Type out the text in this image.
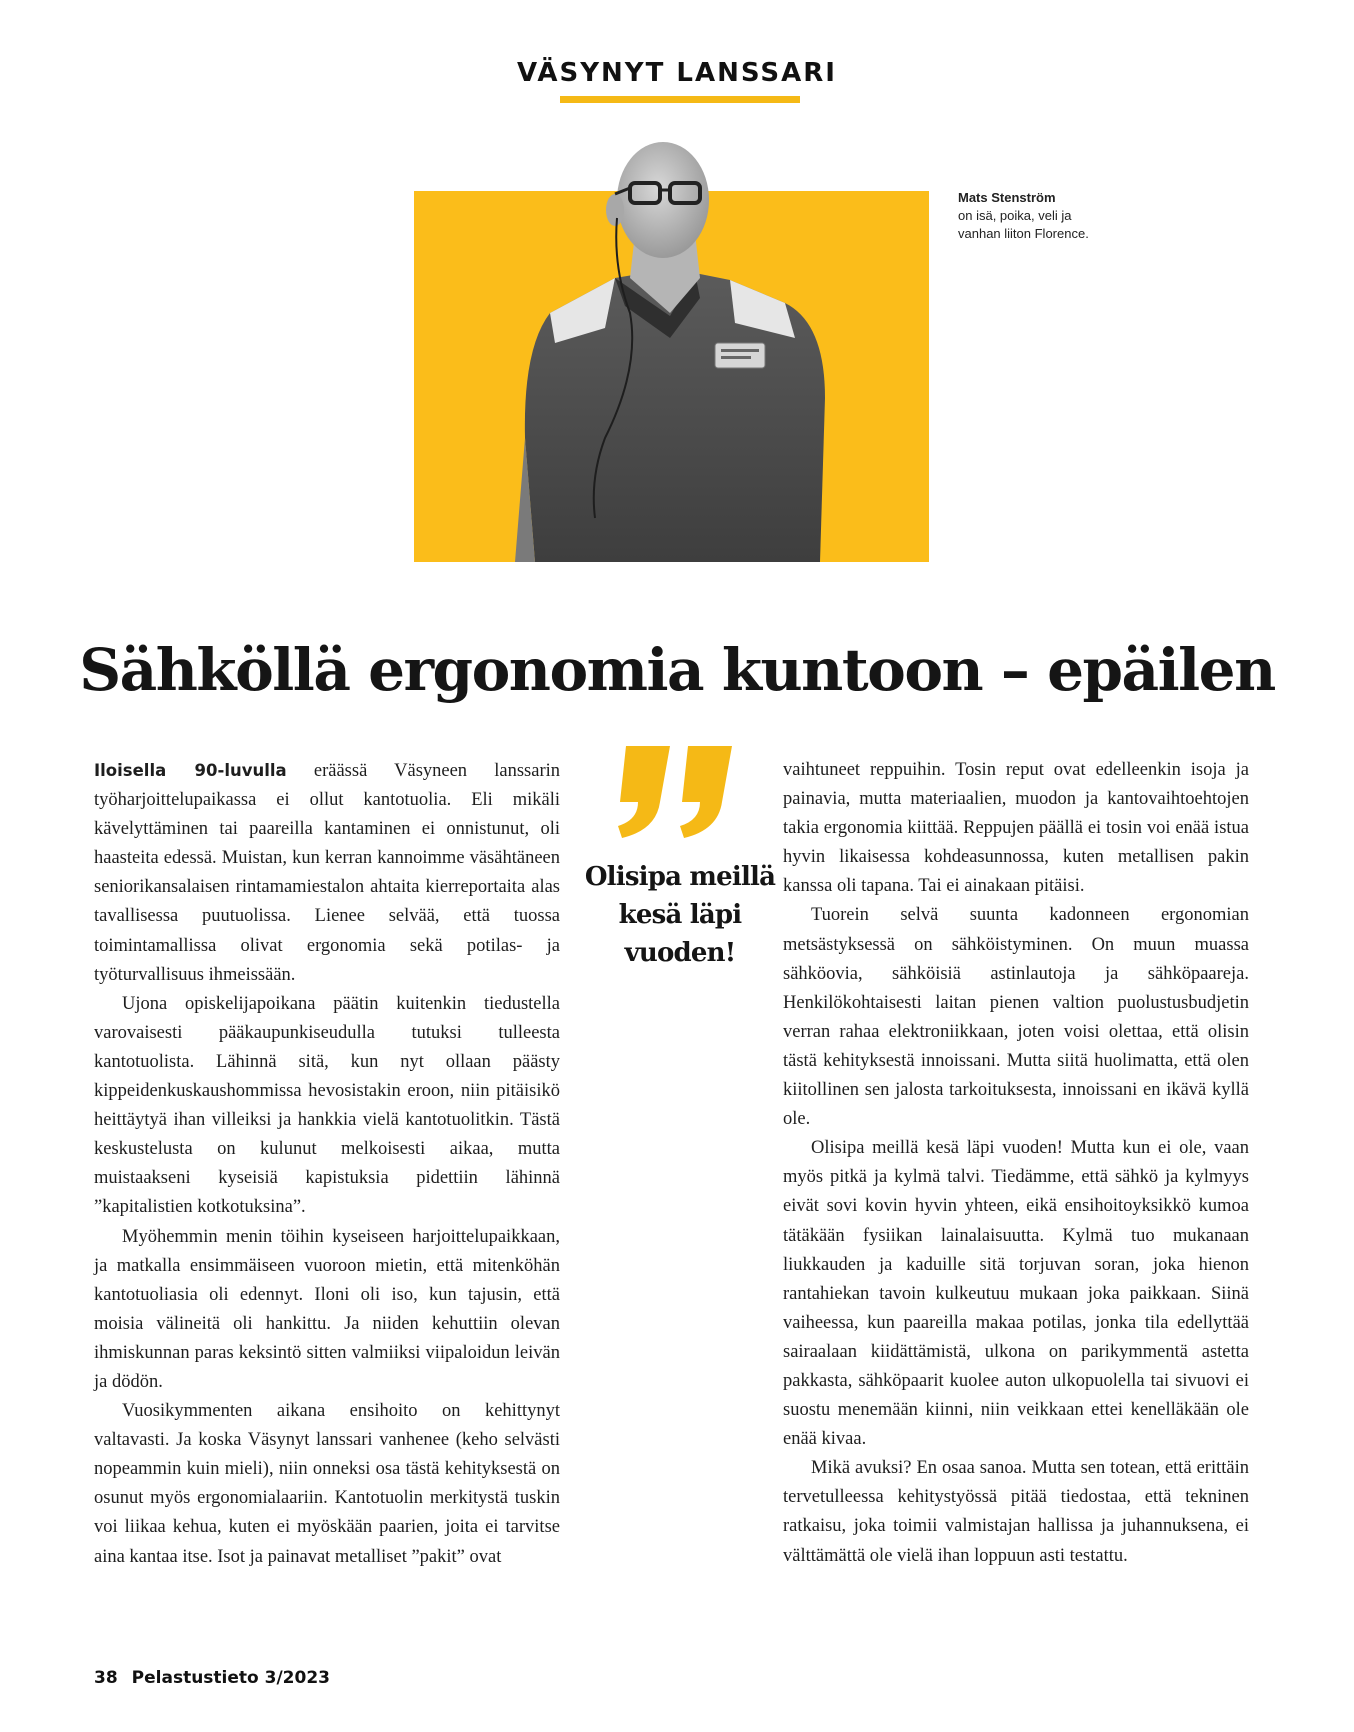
VÄSYNYT LANSSARI
Mats Stenström
on isä, poika, veli ja
vanhan liiton Florence.
Sähköllä ergonomia kuntoon – epäilen

Iloisella 90-luvulla eräässä Väsyneen lanssarin työharjoittelupaikassa ei ollut kantotuolia. Eli mikäli kävelyttäminen tai paareilla kantaminen ei onnistunut, oli haasteita edessä. Muistan, kun kerran kannoimme väsähtäneen seniorikansalaisen rintamamiestalon ahtaita kierreportaita alas tavallisessa puutuolissa. Lienee selvää, että tuossa toimintamallissa olivat ergonomia sekä potilas- ja työturvallisuus ihmeissään.

Ujona opiskelijapoikana päätin kuitenkin tiedustella varovaisesti pääkaupunkiseudulla tutuksi tulleesta kantotuolista. Lähinnä sitä, kun nyt ollaan päästy kippeidenkuskaushommissa hevosistakin eroon, niin pitäisikö heittäytyä ihan villeiksi ja hankkia vielä kantotuolitkin. Tästä keskustelusta on kulunut melkoisesti aikaa, mutta muistaakseni kyseisiä kapistuksia pidettiin lähinnä ”kapitalistien kotkotuksina”.

Myöhemmin menin töihin kyseiseen harjoittelupaikkaan, ja matkalla ensimmäiseen vuoroon mietin, että mitenköhän kantotuoliasia oli edennyt. Iloni oli iso, kun tajusin, että moisia välineitä oli hankittu. Ja niiden kehuttiin olevan ihmiskunnan paras keksintö sitten valmiiksi viipaloidun leivän ja dödön.

Vuosikymmenten aikana ensihoito on kehittynyt valtavasti. Ja koska Väsynyt lanssari vanhenee (keho selvästi nopeammin kuin mieli), niin onneksi osa tästä kehityksestä on osunut myös ergonomialaariin. Kantotuolin merkitystä tuskin voi liikaa kehua, kuten ei myöskään paarien, joita ei tarvitse aina kantaa itse. Isot ja painavat metalliset ”pakit” ovat

Olisipa meillä kesä läpi vuoden!

vaihtuneet reppuihin. Tosin reput ovat edelleenkin isoja ja painavia, mutta materiaalien, muodon ja kantovaihtoehtojen takia ergonomia kiittää. Reppujen päällä ei tosin voi enää istua hyvin likaisessa kohdeasunnossa, kuten metallisen pakin kanssa oli tapana. Tai ei ainakaan pitäisi.

Tuorein selvä suunta kadonneen ergonomian metsästyksessä on sähköistyminen. On muun muassa sähköovia, sähköisiä astinlautoja ja sähköpaareja. Henkilökohtaisesti laitan pienen valtion puolustusbudjetin verran rahaa elektroniikkaan, joten voisi olettaa, että olisin tästä kehityksestä innoissani. Mutta siitä huolimatta, että olen kiitollinen sen jalosta tarkoituksesta, innoissani en ikävä kyllä ole.

Olisipa meillä kesä läpi vuoden! Mutta kun ei ole, vaan myös pitkä ja kylmä talvi. Tiedämme, että sähkö ja kylmyys eivät sovi kovin hyvin yhteen, eikä ensihoitoyksikkö kumoa tätäkään fysiikan lainalaisuutta. Kylmä tuo mukanaan liukkauden ja kaduille sitä torjuvan soran, joka hienon rantahiekan tavoin kulkeutuu mukaan joka paikkaan. Siinä vaiheessa, kun paareilla makaa potilas, jonka tila edellyttää sairaalaan kiidättämistä, ulkona on parikymmentä astetta pakkasta, sähköpaarit kuolee auton ulkopuolella tai sivuovi ei suostu menemään kiinni, niin veikkaan ettei kenelläkään ole enää kivaa.

Mikä avuksi? En osaa sanoa. Mutta sen totean, että erittäin tervetulleessa kehitystyössä pitää tiedostaa, että tekninen ratkaisu, joka toimii valmistajan hallissa ja juhannuksena, ei välttämättä ole vielä ihan loppuun asti testattu.

38 Pelastustieto 3/2023
